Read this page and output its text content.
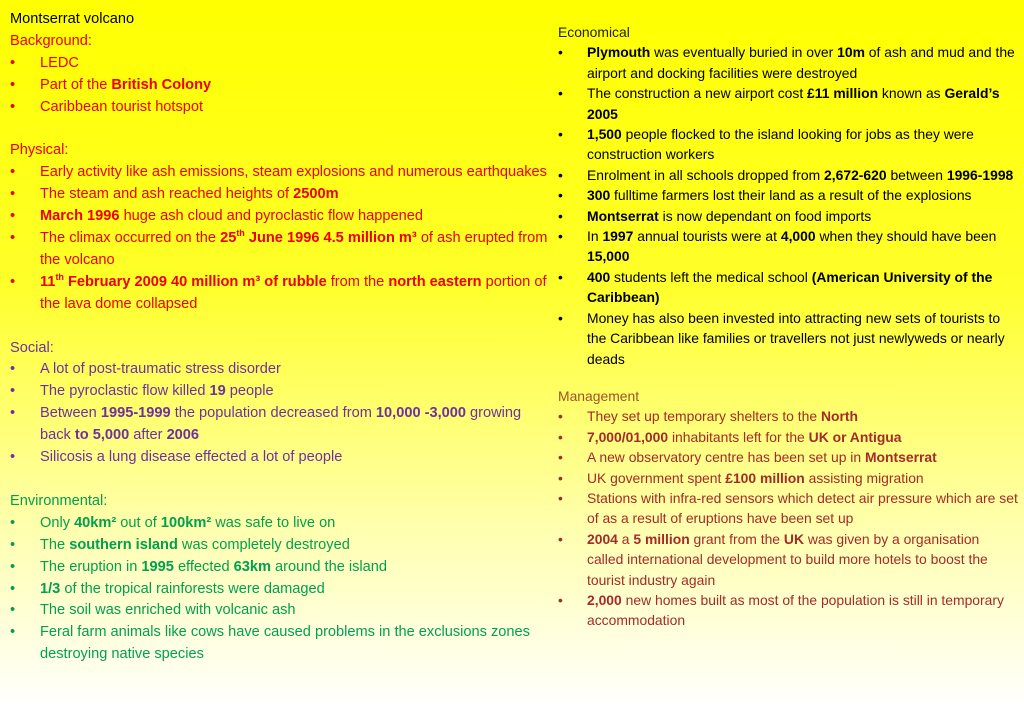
Montserrat volcano
Background:
•	LEDC
•	Part of the British Colony
•	Caribbean tourist hotspot
Physical:
•	Early activity like ash emissions, steam explosions and numerous earthquakes
•	The steam and ash reached heights of 2500m
•	March 1996 huge ash cloud and pyroclastic flow happened
•	The climax occurred on the 25th June 1996 4.5 million m³ of ash erupted from the volcano
•	11th February 2009 40 million m³ of rubble from the north eastern portion of the lava dome collapsed
Social:
•	A lot of post-traumatic stress disorder
•	The pyroclastic flow killed 19 people
•	Between 1995-1999 the population decreased from 10,000 -3,000 growing back to 5,000 after 2006
•	Silicosis a lung disease effected a lot of people
Environmental:
•	Only 40km² out of 100km² was safe to live on
•	The southern island was completely destroyed
•	The eruption in 1995 effected 63km around the island
•	1/3 of the tropical rainforests were damaged
•	The soil was enriched with volcanic ash
•	Feral farm animals like cows have caused problems in the exclusions zones destroying native species
Economical
•	Plymouth was eventually buried in over 10m of ash and mud and the airport and docking facilities were destroyed
•	The construction a new airport cost £11 million known as Gerald’s 2005
•	1,500 people flocked to the island looking for jobs as they were construction workers
•	Enrolment in all schools dropped from 2,672-620 between 1996-1998
•	300 fulltime farmers lost their land as a result of the explosions
•	Montserrat is now dependant on food imports
•	In 1997 annual tourists were at 4,000 when they should have been 15,000
•	400 students left the medical school (American University of the Caribbean)
•	Money has also been invested into attracting new sets of tourists to the Caribbean like families or travellers not just newlyweds or nearly deads
Management
•	They set up temporary shelters to the North
•	7,000/01,000 inhabitants left for the UK or Antigua
•	A new observatory centre has been set up in Montserrat
•	UK government spent £100 million assisting migration
•	Stations with infra-red sensors which detect air pressure which are set of as a result of eruptions have been set up
•	2004 a 5 million grant from the UK was given by a organisation called international development to build more hotels to boost the tourist industry again
•	2,000 new homes built as most of the population is still in temporary accommodation
